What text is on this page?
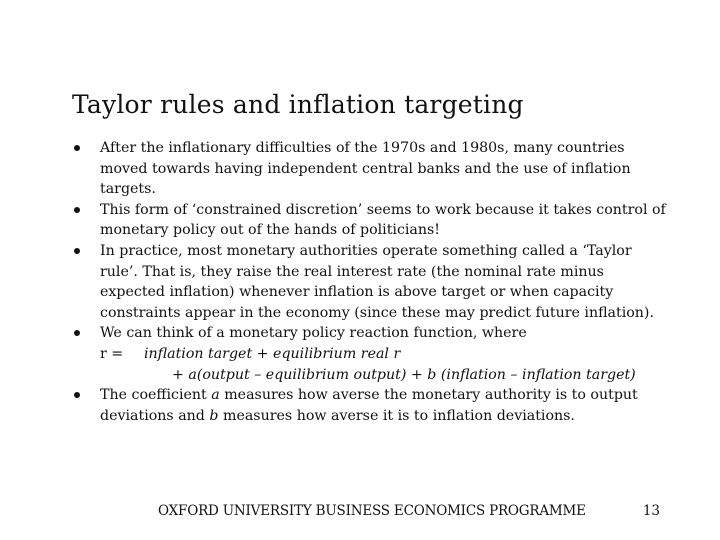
Taylor rules and inflation targeting
After the inflationary difficulties of the 1970s and 1980s, many countries moved towards having independent central banks and the use of inflation targets.
This form of ‘constrained discretion’ seems to work because it takes control of monetary policy out of the hands of politicians!
In practice, most monetary authorities operate something called a ‘Taylor rule’. That is, they raise the real interest rate (the nominal rate minus expected inflation) whenever inflation is above target or when capacity constraints appear in the economy (since these may predict future inflation).
We can think of a monetary policy reaction function, where
r = inflation target + equilibrium real r
+ a(output – equilibrium output) + b (inflation – inflation target)
The coefficient a measures how averse the monetary authority is to output deviations and b measures how averse it is to inflation deviations.
OXFORD UNIVERSITY BUSINESS ECONOMICS PROGRAMME	13
